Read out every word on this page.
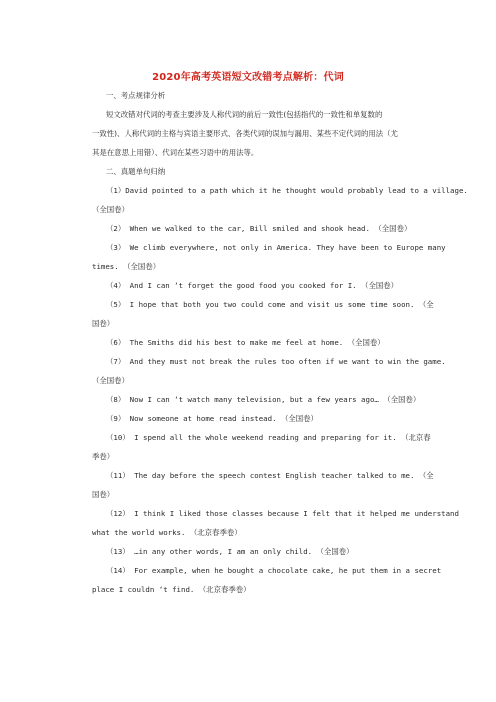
2020年高考英语短文改错考点解析：代词
一、考点规律分析
短文改错对代词的考查主要涉及人称代词的前后一致性(包括指代的一致性和单复数的
一致性)、人称代词的主格与宾语主要形式、各类代词的误加与漏用、某些不定代词的用法（尤
其是在意思上用错）、代词在某些习语中的用法等。
二、真题单句归纳
（1）David pointed to a path which it he thought would probably lead to a village.
（全国卷）
（2） When we walked to the car, Bill smiled and shook head. （全国卷）
（3） We climb everywhere, not only in America. They have been to Europe many
times. （全国卷）
（4） And I can ‘t forget the good food you cooked for I. （全国卷）
（5） I hope that both you two could come and visit us some time soon. （全
国卷）
（6） The Smiths did his best to make me feel at home. （全国卷）
（7） And they must not break the rules too often if we want to win the game.
（全国卷）
（8） Now I can ‘t watch many television, but a few years ago… （全国卷）
（9） Now someone at home read instead. （全国卷）
（10） I spend all the whole weekend reading and preparing for it. （北京春
季卷）
（11） The day before the speech contest English teacher talked to me. （全
国卷）
（12） I think I liked those classes because I felt that it helped me understand
what the world works. （北京春季卷）
（13） …in any other words, I am an only child. （全国卷）
（14） For example, when he bought a chocolate cake, he put them in a secret
place I couldn ‘t find. （北京春季卷）
